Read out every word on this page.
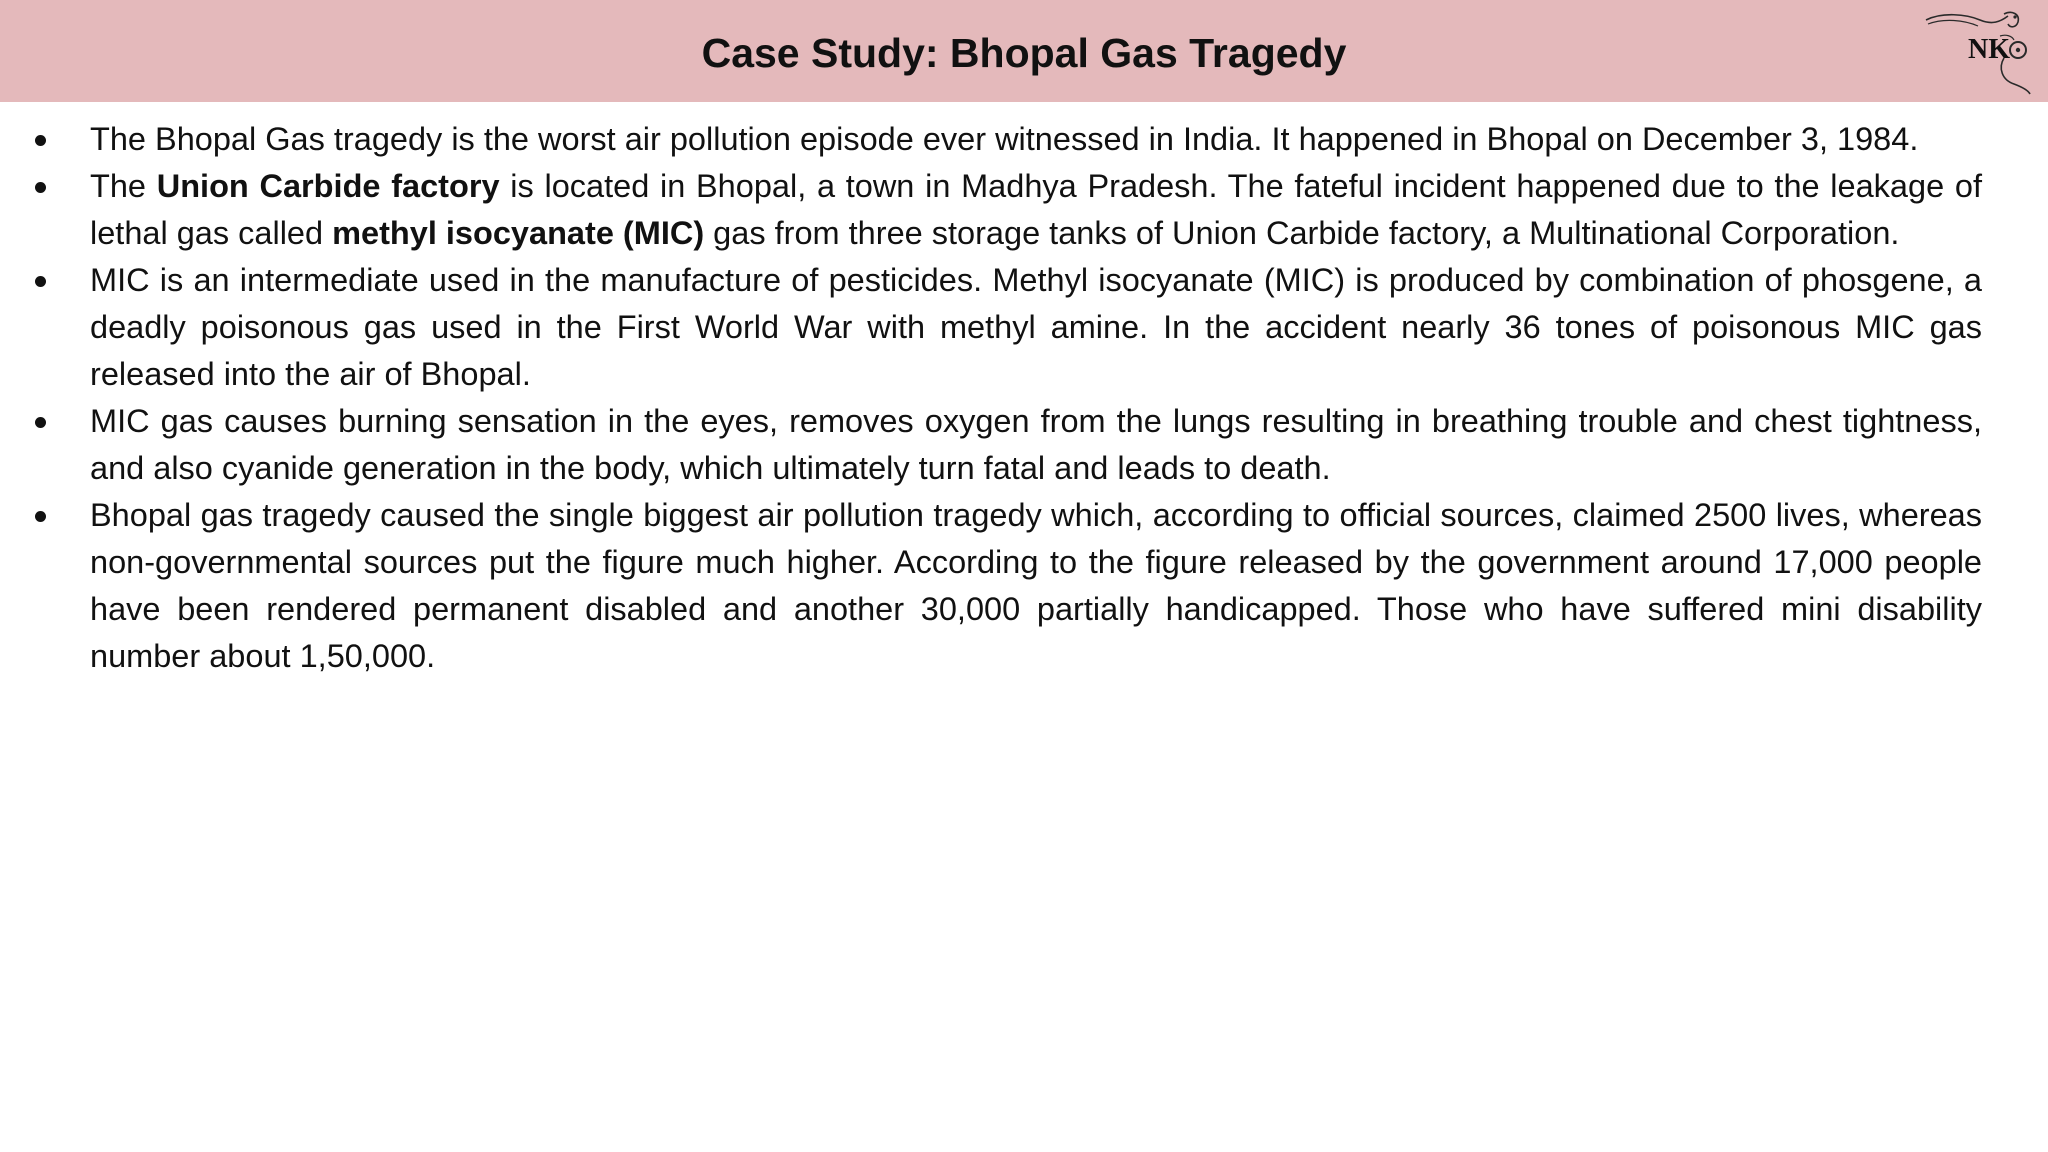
Case Study: Bhopal Gas Tragedy	NK
The Bhopal Gas tragedy is the worst air pollution episode ever witnessed in India. It happened in Bhopal on December 3, 1984.
The Union Carbide factory is located in Bhopal, a town in Madhya Pradesh. The fateful incident happened due to the leakage of lethal gas called methyl isocyanate (MIC) gas from three storage tanks of Union Carbide factory, a Multinational Corporation.
MIC is an intermediate used in the manufacture of pesticides. Methyl isocyanate (MIC) is produced by combination of phosgene, a deadly poisonous gas used in the First World War with methyl amine. In the accident nearly 36 tones of poisonous MIC gas released into the air of Bhopal.
MIC gas causes burning sensation in the eyes, removes oxygen from the lungs resulting in breathing trouble and chest tightness, and also cyanide generation in the body, which ultimately turn fatal and leads to death.
Bhopal gas tragedy caused the single biggest air pollution tragedy which, according to official sources, claimed 2500 lives, whereas non-governmental sources put the figure much higher. According to the figure released by the government around 17,000 people have been rendered permanent disabled and another 30,000 partially handicapped. Those who have suffered mini disability number about 1,50,000.
